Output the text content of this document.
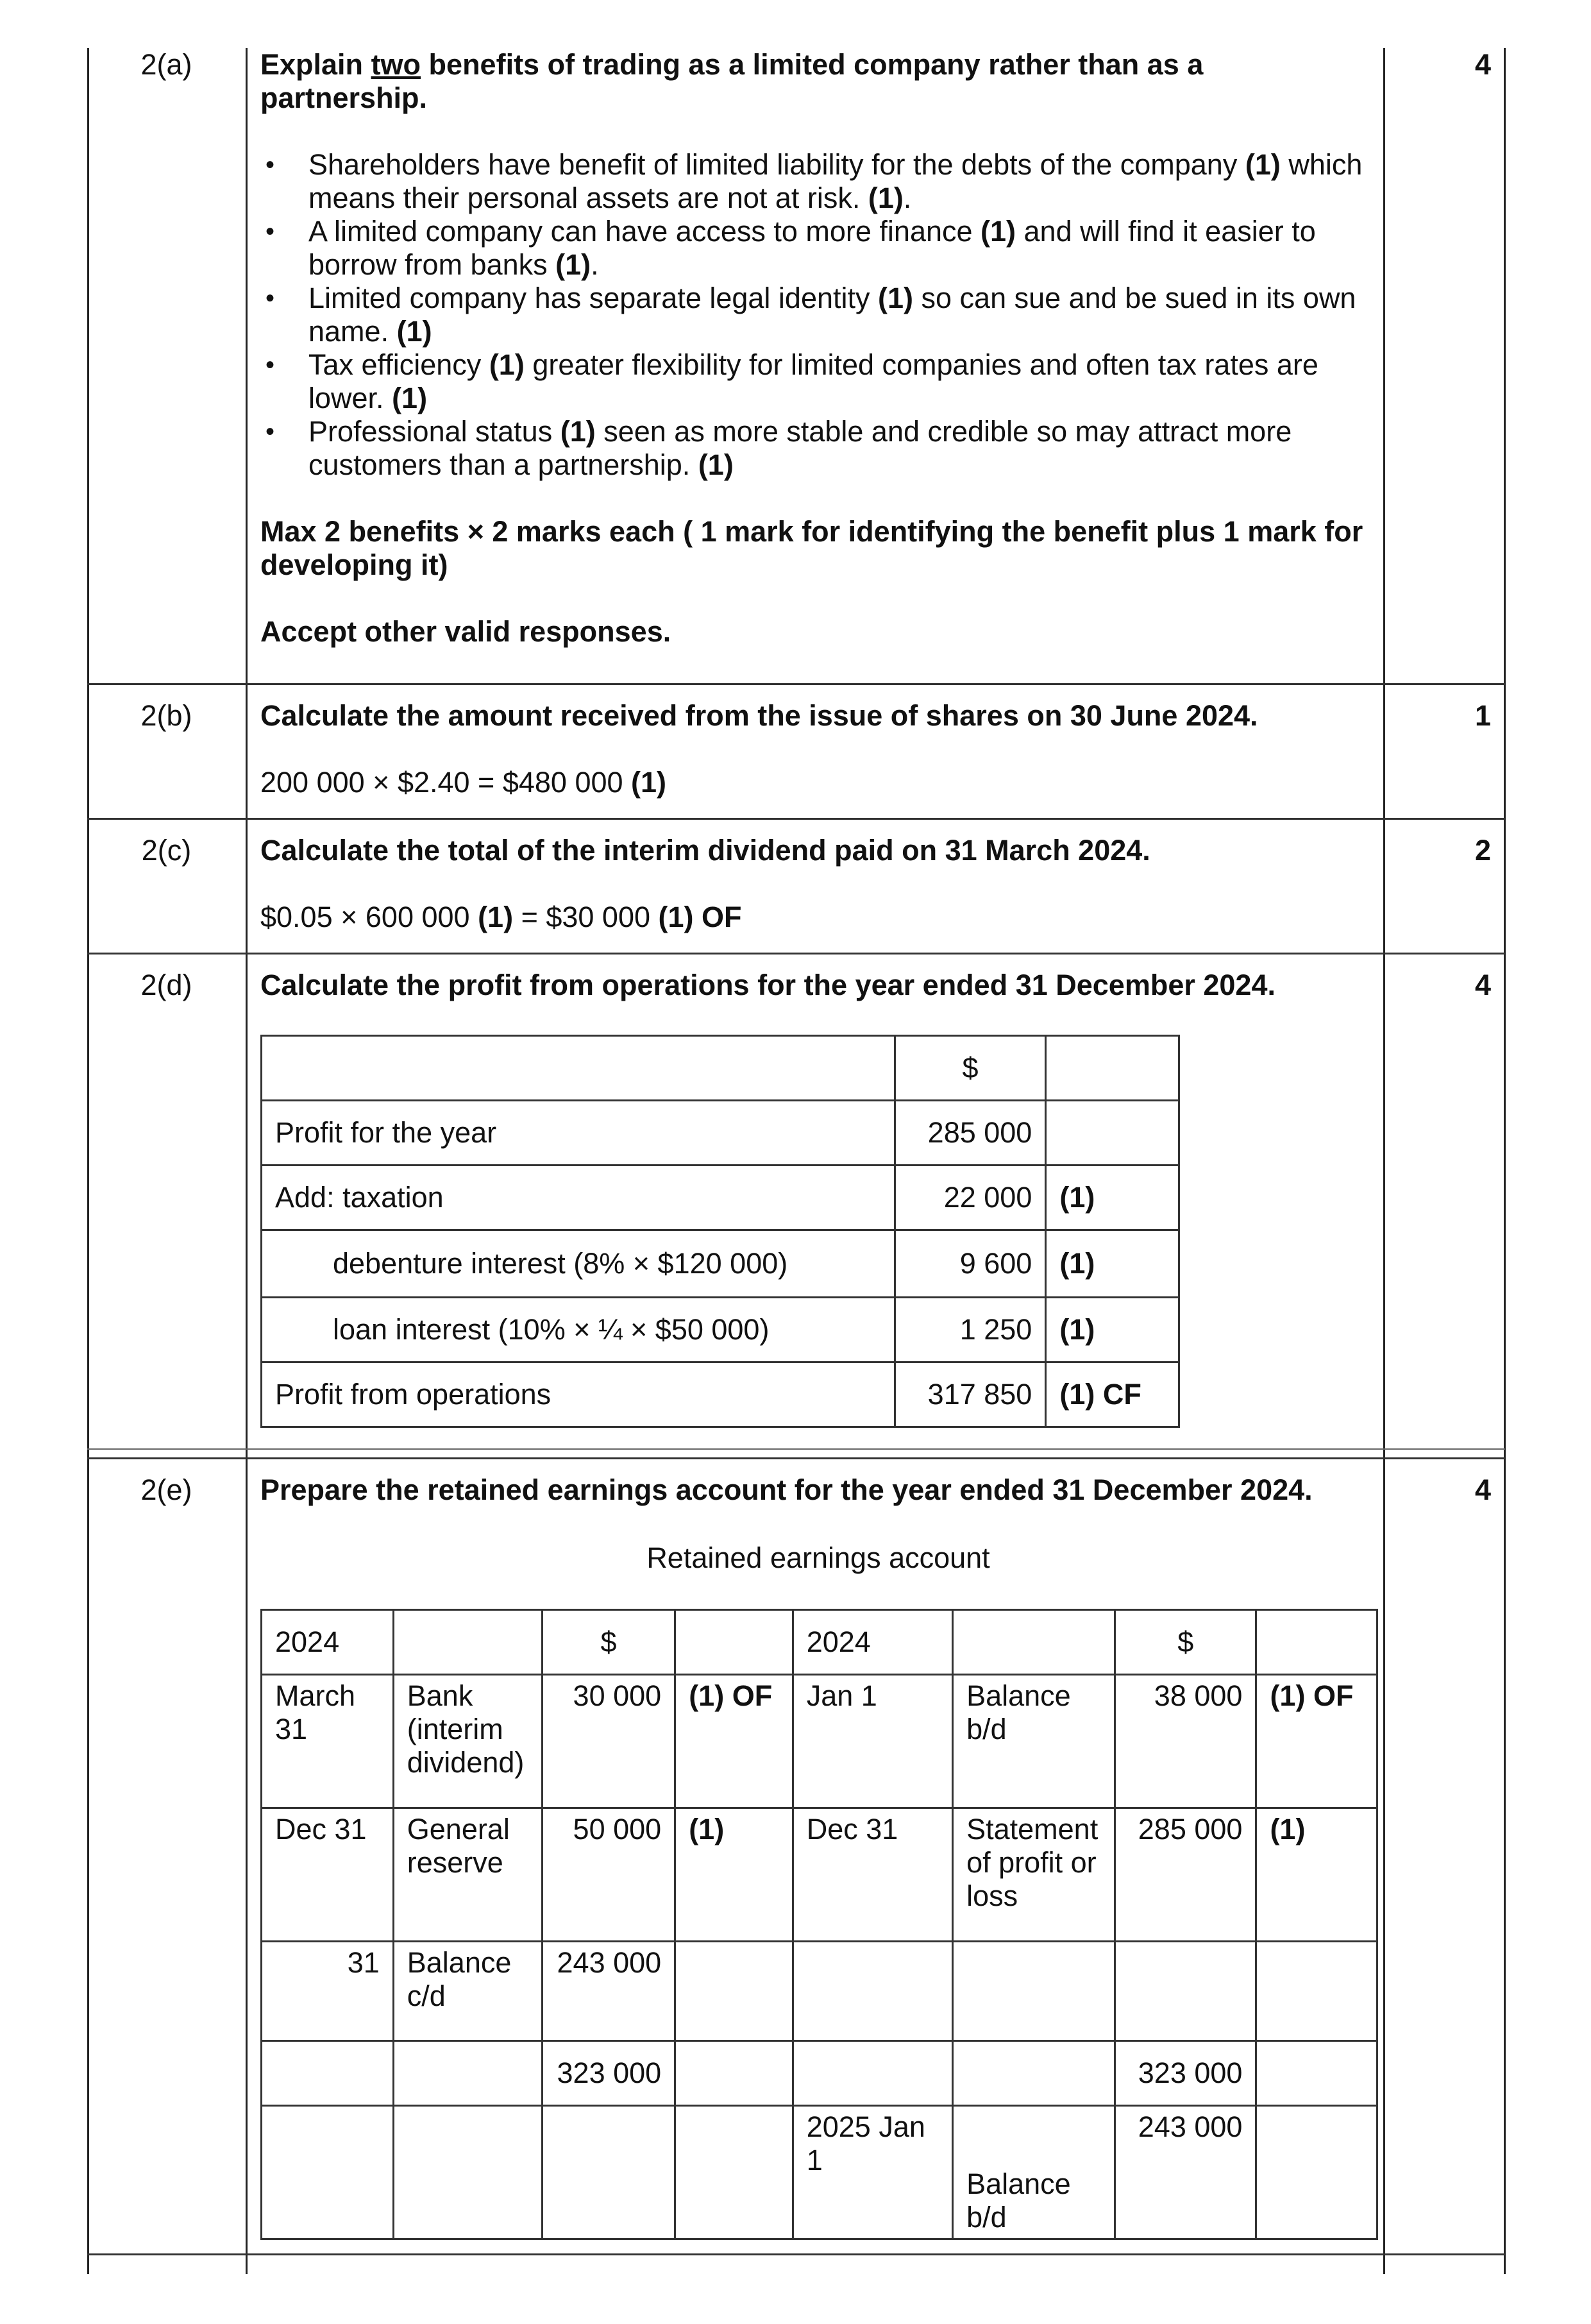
2(a)	4
Explain two benefits of trading as a limited company rather than as a partnership.
• Shareholders have benefit of limited liability for the debts of the company (1) which means their personal assets are not at risk. (1).
• A limited company can have access to more finance (1) and will find it easier to borrow from banks (1).
• Limited company has separate legal identity (1) so can sue and be sued in its own name. (1)
• Tax efficiency (1) greater flexibility for limited companies and often tax rates are lower. (1)
• Professional status (1) seen as more stable and credible so may attract more customers than a partnership. (1)
Max 2 benefits × 2 marks each ( 1 mark for identifying the benefit plus 1 mark for developing it)
Accept other valid responses.
2(b)	1
Calculate the amount received from the issue of shares on 30 June 2024.
200 000 × $2.40 = $480 000 (1)
2(c)	2
Calculate the total of the interim dividend paid on 31 March 2024.
$0.05 × 600 000 (1) = $30 000 (1) OF
2(d)	4
Calculate the profit from operations for the year ended 31 December 2024.
	$	
Profit for the year	285 000	
Add: taxation	22 000	(1)
debenture interest (8% × $120 000)	9 600	(1)
loan interest (10% × ¼ × $50 000)	1 250	(1)
Profit from operations	317 850	(1) CF
2(e)	4
Prepare the retained earnings account for the year ended 31 December 2024.
Retained earnings account
2024		$		2024		$	
March 31	Bank (interim dividend)	30 000	(1) OF	Jan 1	Balance b/d	38 000	(1) OF
Dec 31	General reserve	50 000	(1)	Dec 31	Statement of profit or loss	285 000	(1)
31	Balance c/d	243 000					
		323 000				323 000	
				2025 Jan 1	Balance b/d	243 000	
